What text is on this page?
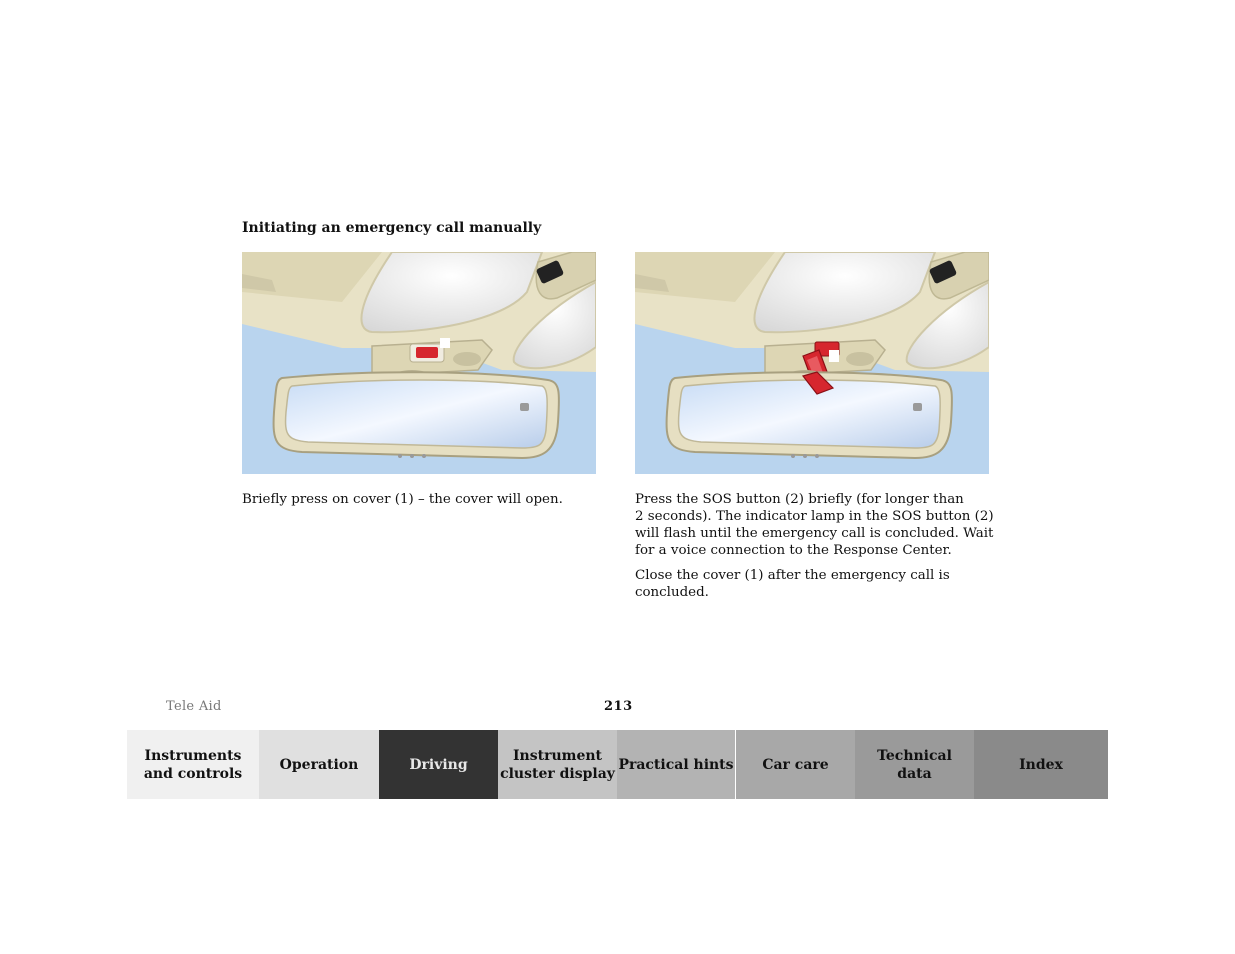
Initiating an emergency call manually

Briefly press on cover (1) – the cover will open.	Press the SOS button (2) briefly (for longer than
2 seconds). The indicator lamp in the SOS button (2) will flash until the emergency call is concluded. Wait for a voice connection to the Response Center.

Close the cover (1) after the emergency call is concluded.

Tele Aid	213
Instruments
and controls
Operation	Driving
Instrument
cluster display
Practical hints Car care
Technical
data
Index
